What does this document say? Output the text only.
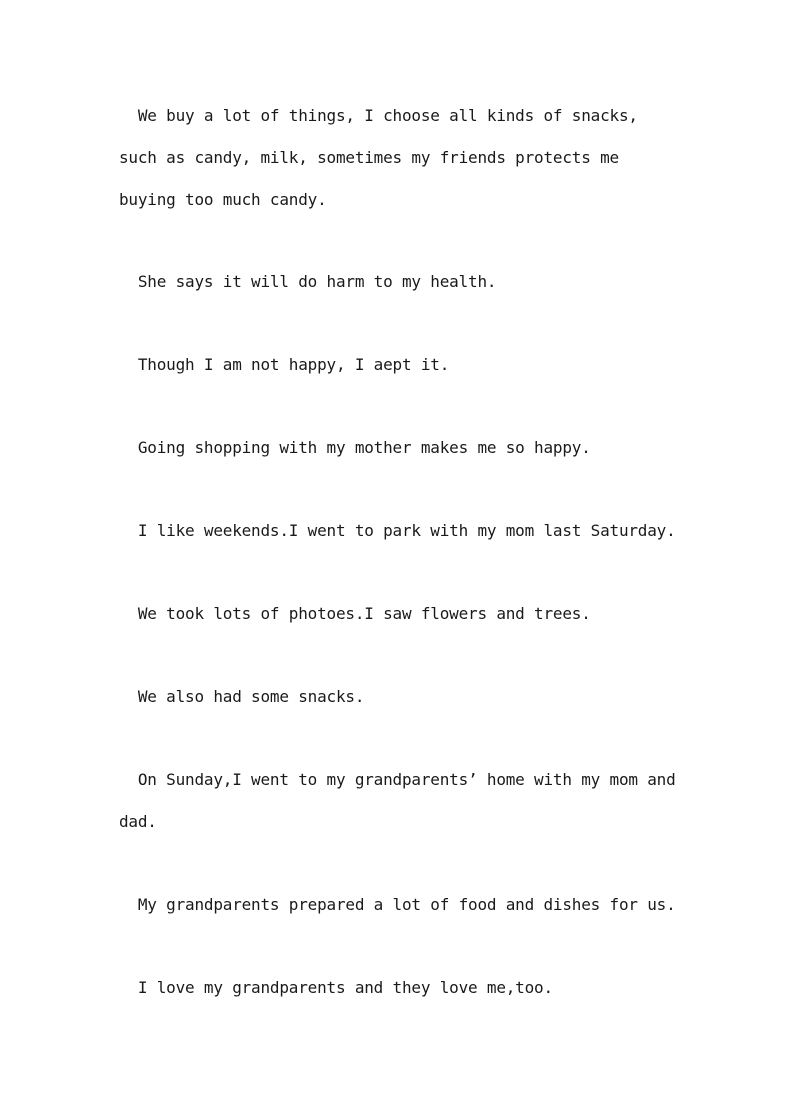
We buy a lot of things, I choose all kinds of snacks,

such as candy, milk, sometimes my friends protects me

buying too much candy.

She says it will do harm to my health.

Though I am not happy, I aept it.

Going shopping with my mother makes me so happy.

I like weekends.I went to park with my mom last Saturday.

We took lots of photoes.I saw flowers and trees.

We also had some snacks.

On Sunday,I went to my grandparents’ home with my mom and

dad.

My grandparents prepared a lot of food and dishes for us.

I love my grandparents and they love me,too.
